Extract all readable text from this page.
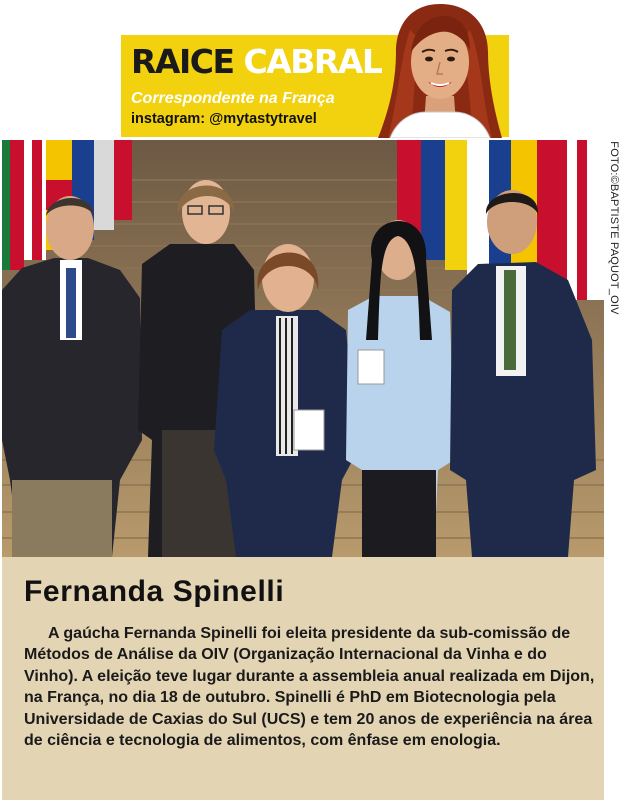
RAICE CABRAL
Correspondente na França
instagram: @mytastytravel
FOTO:©BAPTISTE PAQUOT_OIV
Fernanda Spinelli

A gaúcha Fernanda Spinelli foi eleita presidente da sub-comissão de Métodos de Análise da OIV (Organização Internacional da Vinha e do Vinho). A eleição teve lugar durante a assembleia anual realizada em Dijon, na França, no dia 18 de outubro. Spinelli é PhD em Biotecnologia pela Universidade de Caxias do Sul (UCS) e tem 20 anos de experiência na área de ciência e tecnologia de alimentos, com ênfase em enologia.
